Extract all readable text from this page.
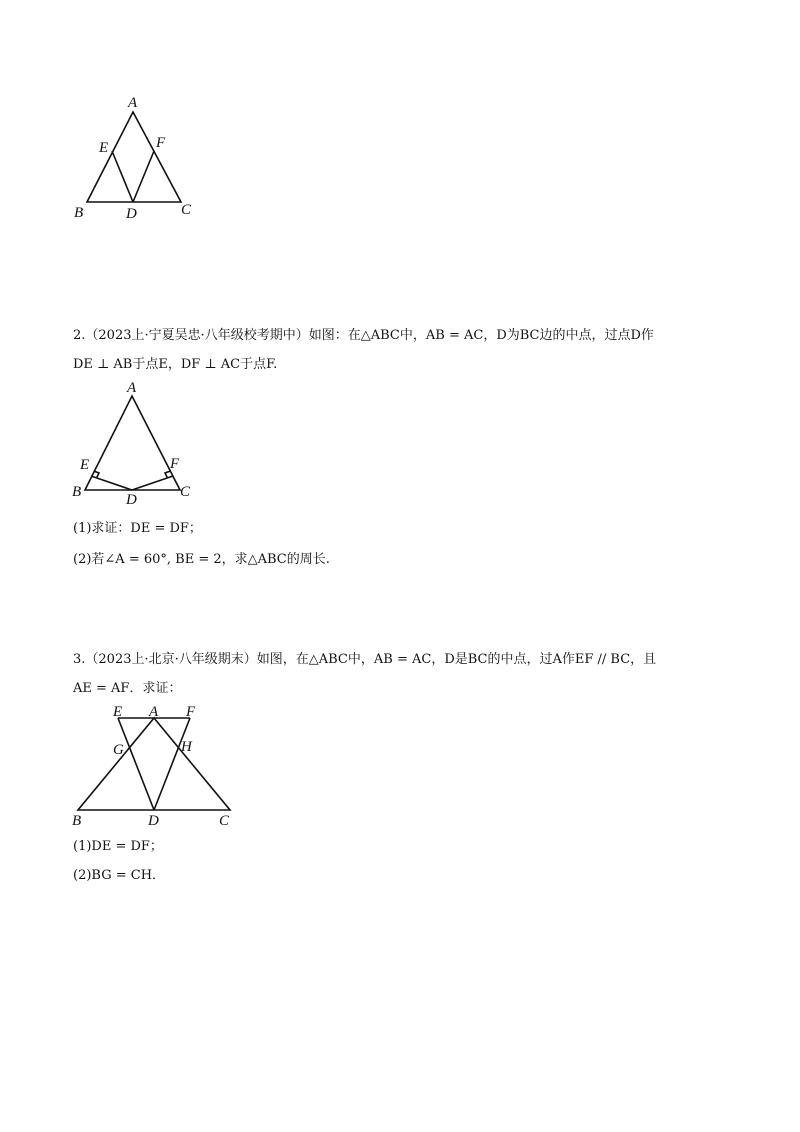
A
B	C
D
E	F
2.（2023上·宁夏吴忠·八年级校考期中）如图：在△ABC中，AB = AC，D为BC边的中点，过点D作
DE ⊥ AB于点E，DF ⊥ AC于点F.
A
B	C
D
E	F
(1)求证：DE = DF；
(2)若∠A = 60°, BE = 2，求△ABC的周长.
3.（2023上·北京·八年级期末）如图，在△ABC中，AB = AC，D是BC的中点，过A作EF // BC，且
AE = AF．求证：
A
B	C
D
E	F
G	H
(1)DE = DF；
(2)BG = CH．
